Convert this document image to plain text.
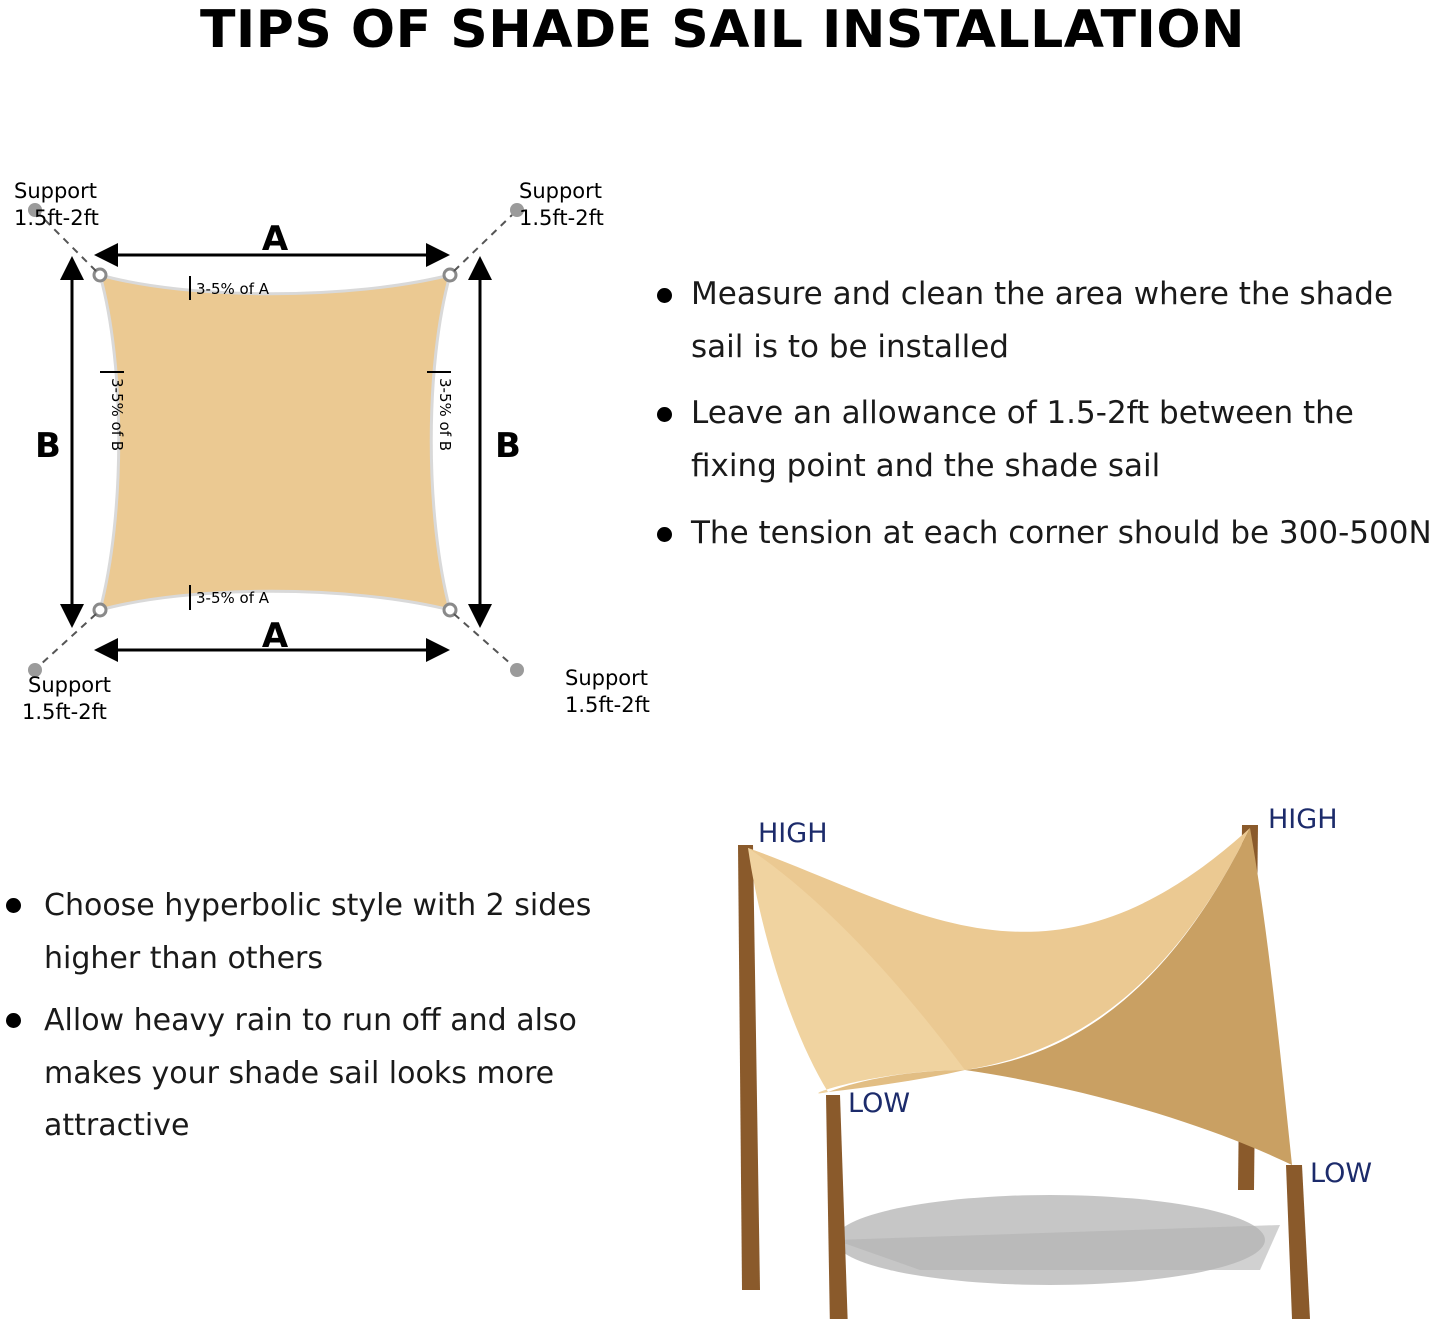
TIPS OF SHADE SAIL INSTALLATION
A
A
B	B
3-5% of A
3-5% of A
3-5% of B	3-5% of B
Support
1.5ft-2ft
Support
1.5ft-2ft
Support
1.5ft-2ft
Support
1.5ft-2ft
Measure and clean the area where the shade sail is to be installed
Leave an allowance of 1.5-2ft between the fixing point and the shade sail
The tension at each corner should be 300-500N
Choose hyperbolic style with 2 sides higher than others
Allow heavy rain to run off and also makes your shade sail looks more attractive
HIGH	HIGH
LOW
LOW
